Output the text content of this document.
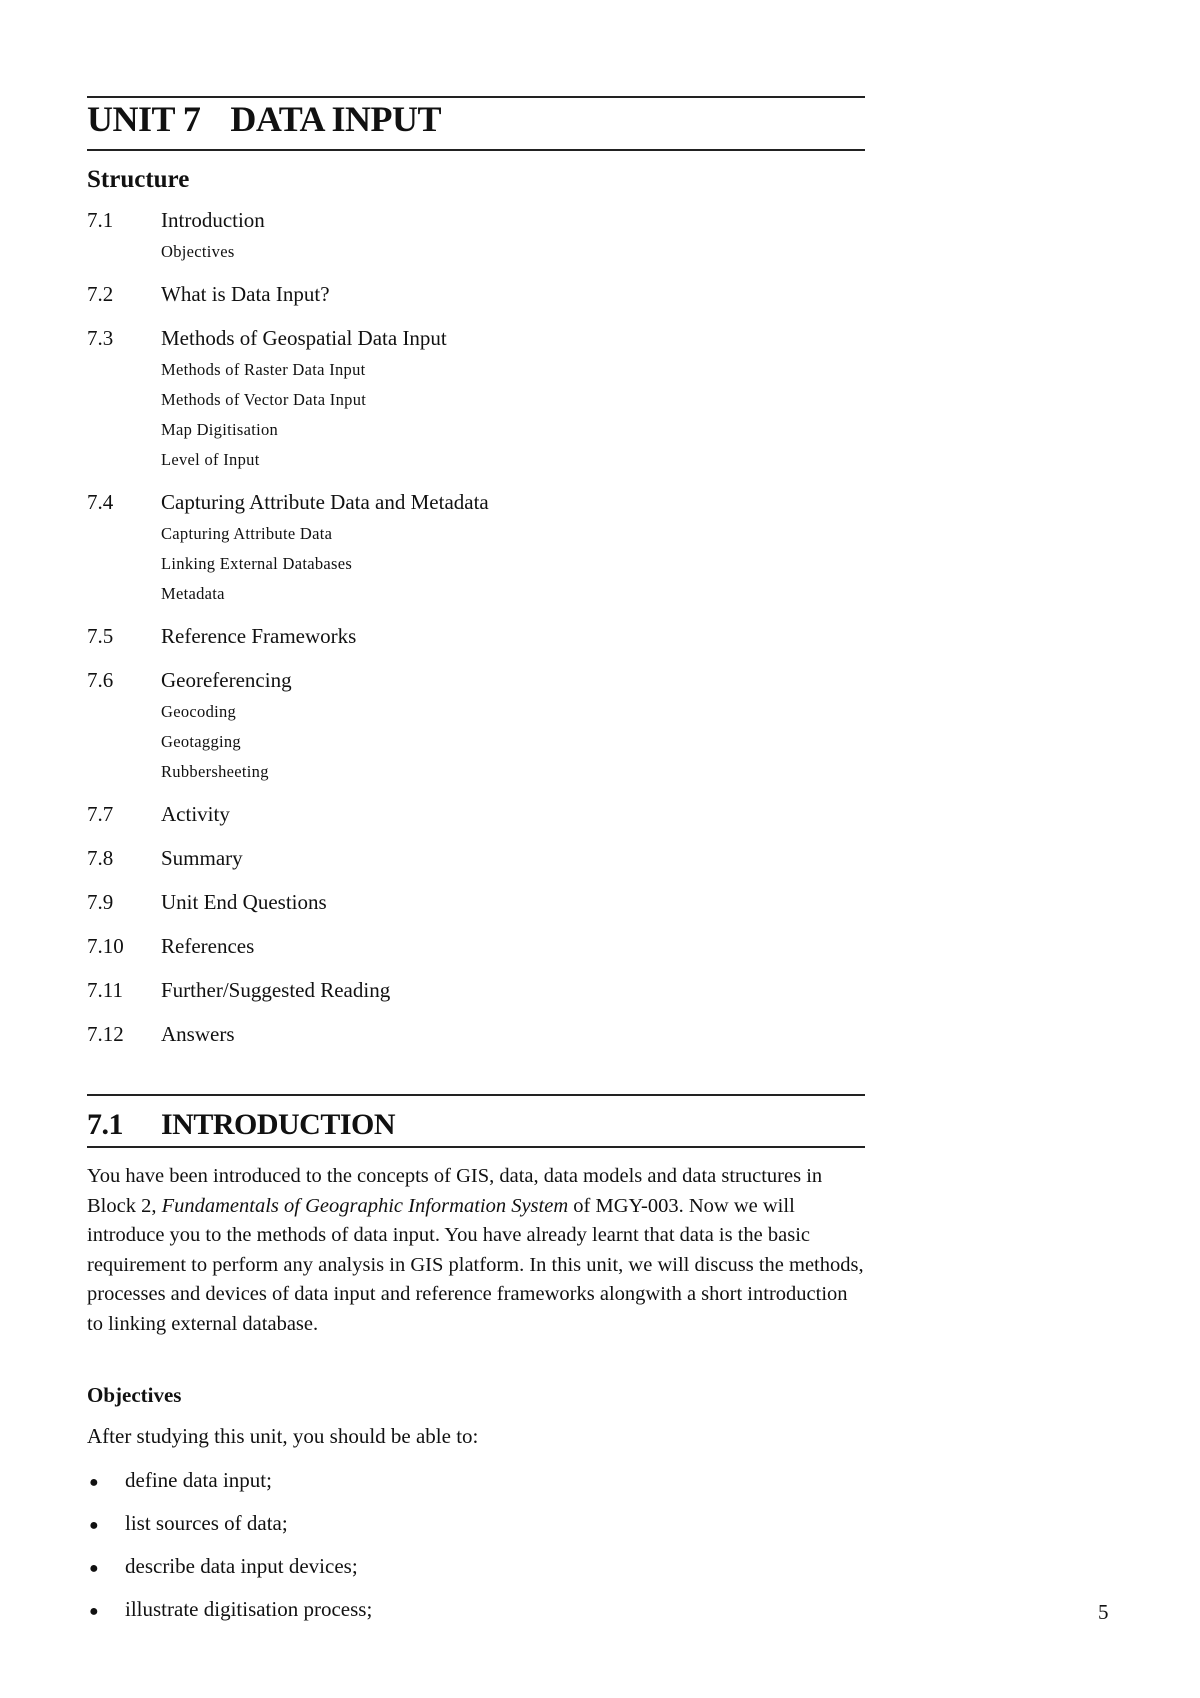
UNIT 7 DATA INPUT
Structure
7.1	Introduction
Objectives
7.2	What is Data Input?
7.3	Methods of Geospatial Data Input
Methods of Raster Data Input
Methods of Vector Data Input
Map Digitisation
Level of Input
7.4	Capturing Attribute Data and Metadata
Capturing Attribute Data
Linking External Databases
Metadata
7.5	Reference Frameworks
7.6	Georeferencing
Geocoding
Geotagging
Rubbersheeting
7.7	Activity
7.8	Summary
7.9	Unit End Questions
7.10	References
7.11	Further/Suggested Reading
7.12	Answers
7.1 INTRODUCTION

You have been introduced to the concepts of GIS, data, data models and data structures in Block 2, Fundamentals of Geographic Information System of MGY-003. Now we will introduce you to the methods of data input. You have already learnt that data is the basic requirement to perform any analysis in GIS platform. In this unit, we will discuss the methods, processes and devices of data input and reference frameworks alongwith a short introduction to linking external database.

Objectives

After studying this unit, you should be able to:

●	define data input;
●	list sources of data;
●	describe data input devices;
●	illustrate digitisation process;	5
